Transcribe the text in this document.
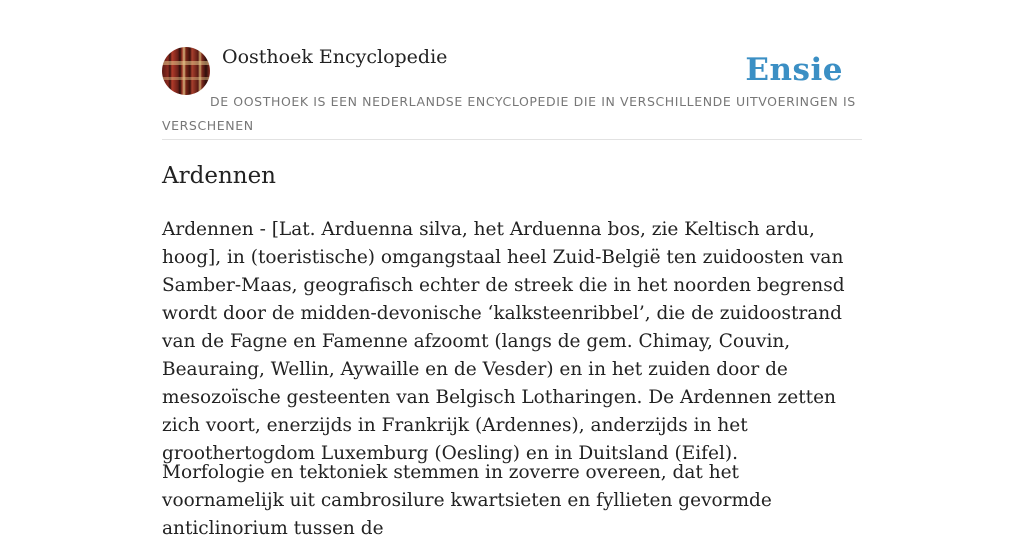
Oosthoek Encyclopedie	Ensie
DE OOSTHOEK IS EEN NEDERLANDSE ENCYCLOPEDIE DIE IN VERSCHILLENDE UITVOERINGEN IS VERSCHENEN
Ardennen

Ardennen - [Lat. Arduenna silva, het Arduenna bos, zie Keltisch ardu, hoog], in (toeristische) omgangstaal heel Zuid-België ten zuidoosten van Samber-Maas, geografisch echter de streek die in het noorden begrensd wordt door de midden-devonische ‘kalksteenribbel’, die de zuidoostrand van de Fagne en Famenne afzoomt (langs de gem. Chimay, Couvin, Beauraing, Wellin, Aywaille en de Vesder) en in het zuiden door de mesozoïsche gesteenten van Belgisch Lotharingen. De Ardennen zetten zich voort, enerzijds in Frankrijk (Ardennes), anderzijds in het groothertogdom Luxemburg (Oesling) en in Duitsland (Eifel).

Morfologie en tektoniek stemmen in zoverre overeen, dat het voornamelijk uit cambrosilure kwartsieten en fyllieten gevormde anticlinorium tussen de
